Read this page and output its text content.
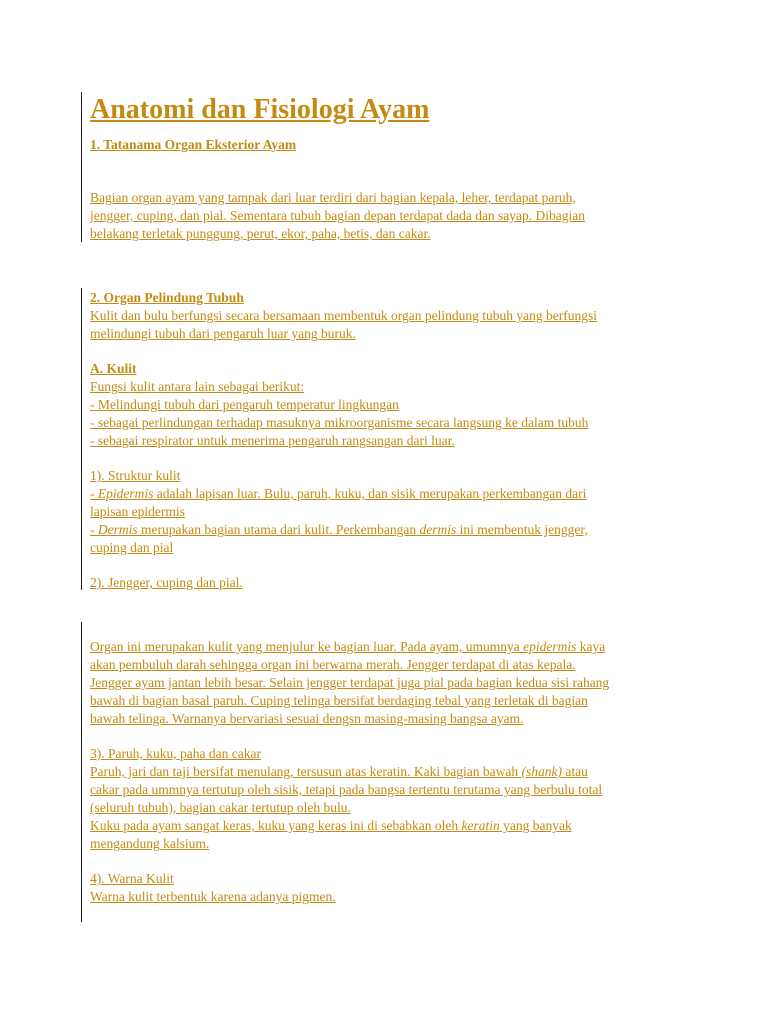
Anatomi dan Fisiologi Ayam
1. Tatanama Organ Eksterior Ayam
Bagian organ ayam yang tampak dari luar terdiri dari bagian kepala, leher, terdapat paruh,
jengger, cuping, dan pial. Sementara tubuh bagian depan terdapat dada dan sayap. Dibagian
belakang terletak punggung, perut, ekor, paha, betis, dan cakar.
2. Organ Pelindung Tubuh
Kulit dan bulu berfungsi secara bersamaan membentuk organ pelindung tubuh yang berfungsi
melindungi tubuh dari pengaruh luar yang buruk.
A. Kulit
Fungsi kulit antara lain sebagai berikut:
- Melindungi tubuh dari pengaruh temperatur lingkungan
- sebagai perlindungan terhadap masuknya mikroorganisme secara langsung ke dalam tubuh
- sebagai respirator untuk menerima pengaruh rangsangan dari luar.
1). Struktur kulit
- Epidermis adalah lapisan luar. Bulu, paruh, kuku, dan sisik merupakan perkembangan dari
lapisan epidermis
- Dermis merupakan bagian utama dari kulit. Perkembangan dermis ini membentuk jengger,
cuping dan pial
2). Jengger, cuping dan pial.
Organ ini merupakan kulit yang menjulur ke bagian luar. Pada ayam, umumnya epidermis kaya
akan pembuluh darah sehingga organ ini berwarna merah. Jengger terdapat di atas kepala.
Jengger ayam jantan lebih besar. Selain jengger terdapat juga pial pada bagian kedua sisi rahang
bawah di bagian basal paruh. Cuping telinga bersifat berdaging tebal yang terletak di bagian
bawah telinga. Warnanya bervariasi sesuai dengsn masing-masing bangsa ayam.
3). Paruh, kuku, paha dan cakar
Paruh, jari dan taji bersifat menulang, tersusun atas keratin. Kaki bagian bawah (shank) atau
cakar pada ummnya tertutup oleh sisik, tetapi pada bangsa tertentu terutama yang berbulu total
(seluruh tubuh), bagian cakar tertutup oleh bulu.
Kuku pada ayam sangat keras, kuku yang keras ini di sebabkan oleh keratin yang banyak
mengandung kalsium.
4). Warna Kulit
Warna kulit terbentuk karena adanya pigmen.
